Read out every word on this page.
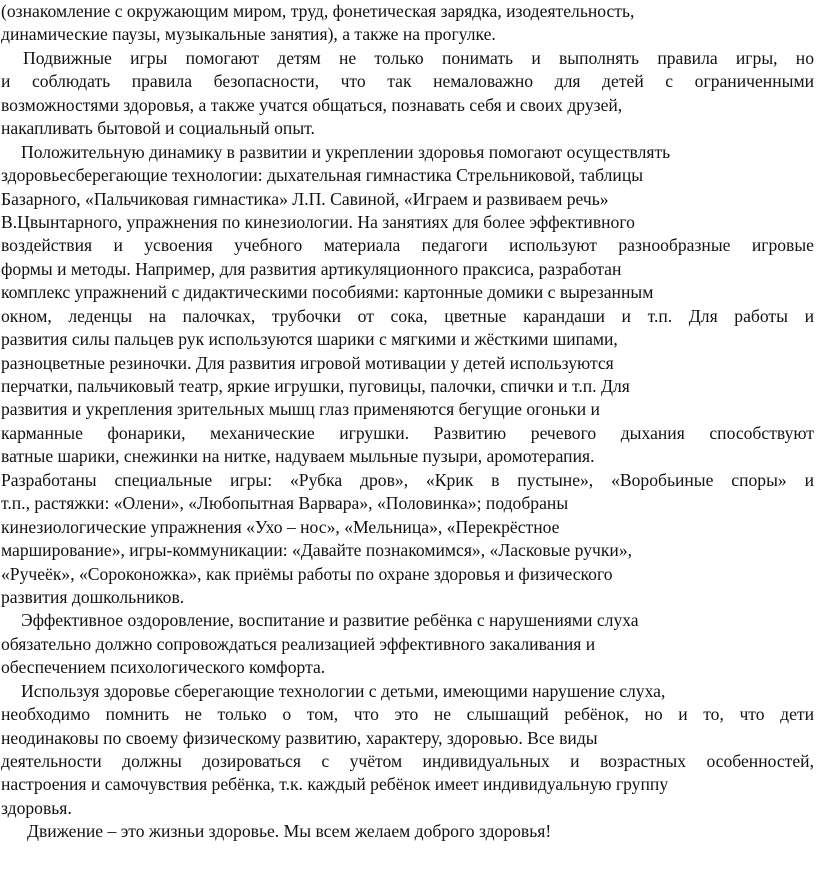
(ознакомление с окружающим миром, труд, фонетическая зарядка, изодеятельность,
динамические паузы, музыкальные занятия), а также на прогулке.
Подвижные игры помогают детям не только понимать и выполнять правила игры, но
и соблюдать правила безопасности, что так немаловажно для детей с ограниченными
возможностями здоровья, а также учатся общаться, познавать себя и своих друзей,
накапливать бытовой и социальный опыт.
Положительную динамику в развитии и укреплении здоровья помогают осуществлять
здоровьесберегающие технологии: дыхательная гимнастика Стрельниковой, таблицы
Базарного, «Пальчиковая гимнастика» Л.П. Савиной, «Играем и развиваем речь»
В.Цвынтарного, упражнения по кинезиологии. На занятиях для более эффективного
воздействия и усвоения учебного материала педагоги используют разнообразные игровые
формы и методы. Например, для развития артикуляционного праксиса, разработан
комплекс упражнений с дидактическими пособиями: картонные домики с вырезанным
окном, леденцы на палочках, трубочки от сока, цветные карандаши и т.п. Для работы и
развития силы пальцев рук используются шарики с мягкими и жёсткими шипами,
разноцветные резиночки. Для развития игровой мотивации у детей используются
перчатки, пальчиковый театр, яркие игрушки, пуговицы, палочки, спички и т.п. Для
развития и укрепления зрительных мышц глаз применяются бегущие огоньки и
карманные фонарики, механические игрушки. Развитию речевого дыхания способствуют
ватные шарики, снежинки на нитке, надуваем мыльные пузыри, аромотерапия.
Разработаны специальные игры: «Рубка дров», «Крик в пустыне», «Воробьиные споры» и
т.п., растяжки: «Олени», «Любопытная Варвара», «Половинка»; подобраны
кинезиологические упражнения «Ухо – нос», «Мельница», «Перекрёстное
марширование», игры-коммуникации: «Давайте познакомимся», «Ласковые ручки»,
«Ручеёк», «Сороконожка», как приёмы работы по охране здоровья и физического
развития дошкольников.
Эффективное оздоровление, воспитание и развитие ребёнка с нарушениями слуха
обязательно должно сопровождаться реализацией эффективного закаливания и
обеспечением психологического комфорта.
Используя здоровье сберегающие технологии с детьми, имеющими нарушение слуха,
необходимо помнить не только о том, что это не слышащий ребёнок, но и то, что дети
неодинаковы по своему физическому развитию, характеру, здоровью. Все виды
деятельности должны дозироваться с учётом индивидуальных и возрастных особенностей,
настроения и самочувствия ребёнка, т.к. каждый ребёнок имеет индивидуальную группу
здоровья.
Движение – это жизньи здоровье. Мы всем желаем доброго здоровья!
